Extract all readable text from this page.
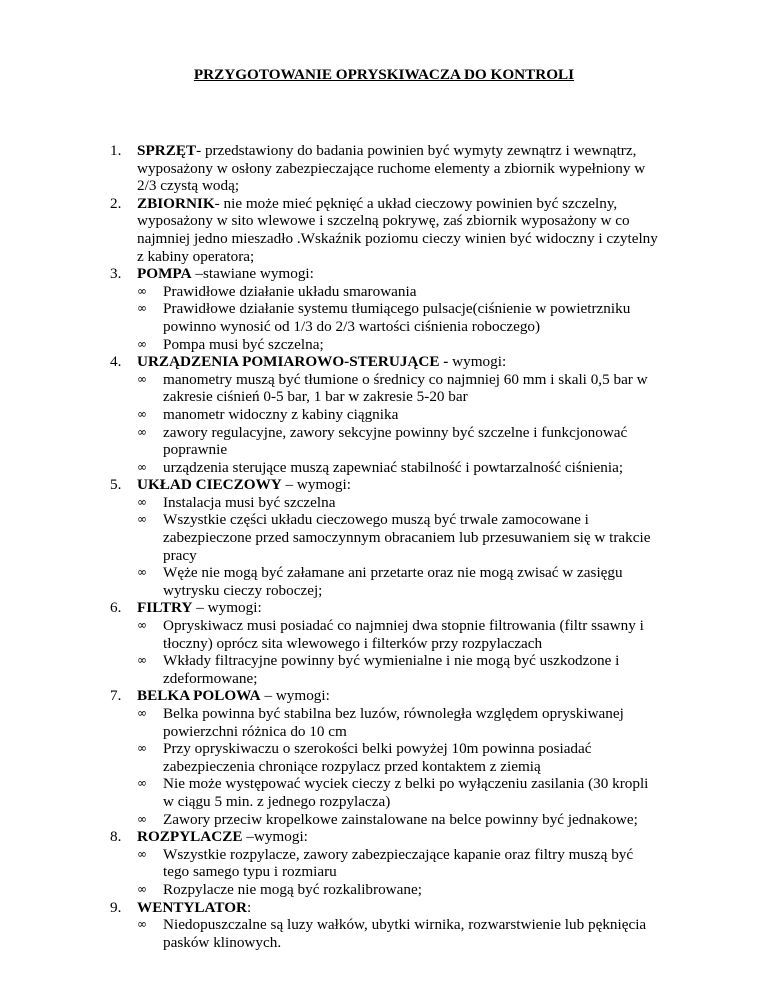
PRZYGOTOWANIE OPRYSKIWACZA DO KONTROLI
1. SPRZĘT- przedstawiony do badania powinien być wymyty zewnątrz i wewnątrz, wyposażony w osłony zabezpieczające ruchome elementy a zbiornik wypełniony w 2/3 czystą wodą;
2. ZBIORNIK- nie może mieć pęknięć a układ cieczowy powinien być szczelny, wyposażony w sito wlewowe i szczelną pokrywę, zaś zbiornik wyposażony w co najmniej jedno mieszadło .Wskaźnik poziomu cieczy winien być widoczny i czytelny z kabiny operatora;
3. POMPA –stawiane wymogi:
∞ Prawidłowe działanie układu smarowania
∞ Prawidłowe działanie systemu tłumiącego pulsacje(ciśnienie w powietrzniku powinno wynosić od 1/3 do 2/3 wartości ciśnienia roboczego)
∞ Pompa musi być szczelna;
4. URZĄDZENIA POMIAROWO-STERUJĄCE - wymogi:
∞ manometry muszą być tłumione o średnicy co najmniej 60 mm i skali 0,5 bar w zakresie ciśnień 0-5 bar, 1 bar w zakresie 5-20 bar
∞ manometr widoczny z kabiny ciągnika
∞ zawory regulacyjne, zawory sekcyjne powinny być szczelne i funkcjonować poprawnie
∞ urządzenia sterujące muszą zapewniać stabilność i powtarzalność ciśnienia;
5. UKŁAD CIECZOWY – wymogi:
∞ Instalacja musi być szczelna
∞ Wszystkie części układu cieczowego muszą być trwale zamocowane i zabezpieczone przed samoczynnym obracaniem lub przesuwaniem się w trakcie pracy
∞ Węże nie mogą być załamane ani przetarte oraz nie mogą zwisać w zasięgu wytrysku cieczy roboczej;
6. FILTRY – wymogi:
∞ Opryskiwacz musi posiadać co najmniej dwa stopnie filtrowania (filtr ssawny i tłoczny) oprócz sita wlewowego i filterków przy rozpylaczach
∞ Wkłady filtracyjne powinny być wymienialne i nie mogą być uszkodzone i zdeformowane;
7. BELKA POLOWA – wymogi:
∞ Belka powinna być stabilna bez luzów, równoległa względem opryskiwanej powierzchni różnica do 10 cm
∞ Przy opryskiwaczu o szerokości belki powyżej 10m powinna posiadać zabezpieczenia chroniące rozpylacz przed kontaktem z ziemią
∞ Nie może występować wyciek cieczy z belki po wyłączeniu zasilania (30 kropli w ciągu 5 min. z jednego rozpylacza)
∞ Zawory przeciw kropelkowe zainstalowane na belce powinny być jednakowe;
8. ROZPYLACZE –wymogi:
∞ Wszystkie rozpylacze, zawory zabezpieczające kapanie oraz filtry muszą być tego samego typu i rozmiaru
∞ Rozpylacze nie mogą być rozkalibrowane;
9. WENTYLATOR:
∞ Niedopuszczalne są luzy wałków, ubytki wirnika, rozwarstwienie lub pęknięcia pasków klinowych.
